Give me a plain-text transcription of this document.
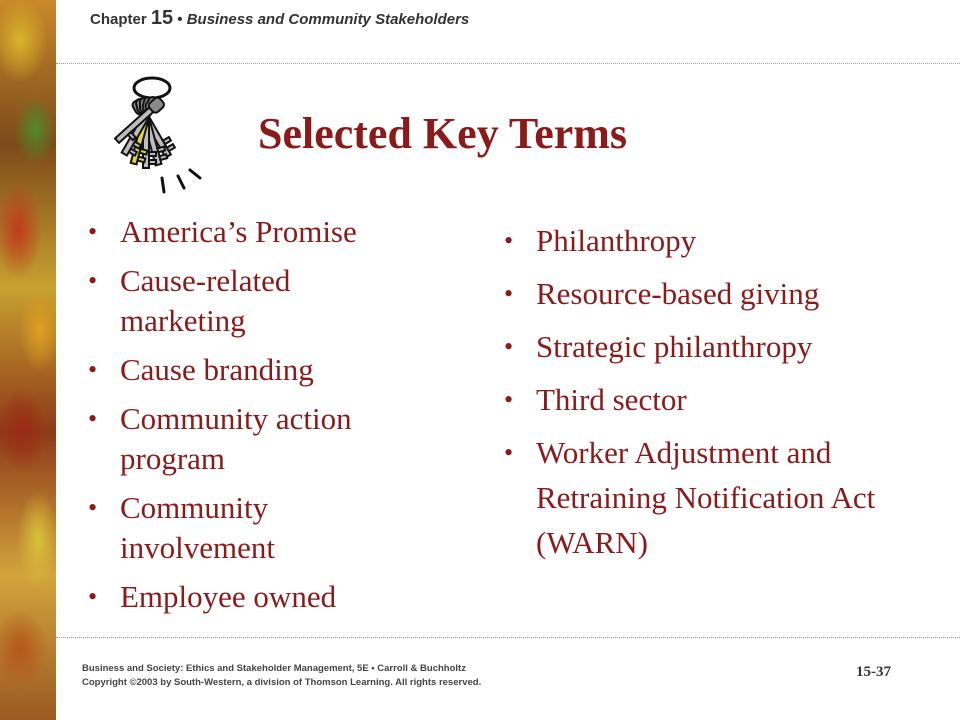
Chapter 15 • Business and Community Stakeholders
Selected Key Terms
• America’s Promise
• Cause-related marketing
• Cause branding
• Community action program
• Community involvement
• Employee owned
• Philanthropy
• Resource-based giving
• Strategic philanthropy
• Third sector
• Worker Adjustment and Retraining Notification Act (WARN)
Business and Society: Ethics and Stakeholder Management, 5E • Carroll & Buchholtz
Copyright ©2003 by South-Western, a division of Thomson Learning. All rights reserved.
15-37
